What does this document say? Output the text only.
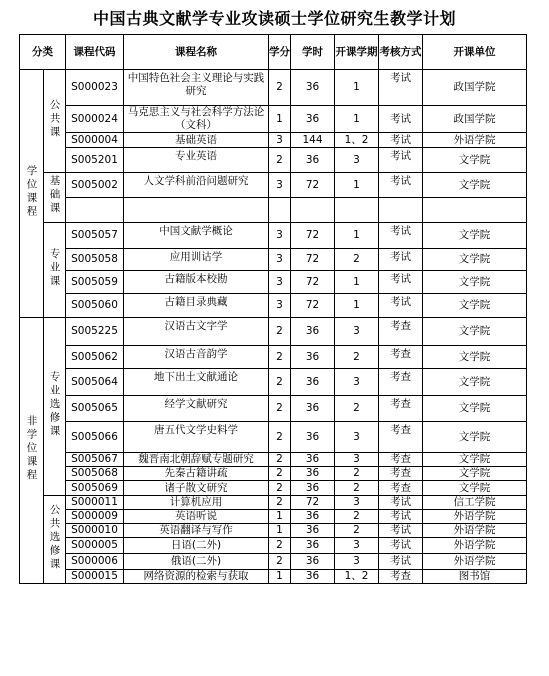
中国古典文献学专业攻读硕士学位研究生教学计划
分类		课程代码	课程名称	学分	学时	开课学期	考核方式	开课单位
学位课程	公共课	S000023	中国特色社会主义理论与实践研究	2	36	1	考试	政国学院
		S000024	马克思主义与社会科学方法论（文科）	1	36	1	考试	政国学院
		S000004	基础英语	3	144	1、2	考试	外语学院
		S005201	专业英语	2	36	3	考试	文学院
	基础课	S005002	人文学科前沿问题研究	3	72	1	考试	文学院

	专业课	S005057	中国文献学概论	3	72	1	考试	文学院
		S005058	应用训诂学	3	72	2	考试	文学院
		S005059	古籍版本校勘	3	72	1	考试	文学院
		S005060	古籍目录典藏	3	72	1	考试	文学院
非学位课程	专业选修课	S005225	汉语古文字学	2	36	3	考查	文学院
		S005062	汉语古音韵学	2	36	2	考查	文学院
		S005064	地下出土文献通论	2	36	3	考查	文学院
		S005065	经学文献研究	2	36	2	考查	文学院
		S005066	唐五代文学史料学	2	36	3	考查	文学院
		S005067	魏晋南北朝辞赋专题研究	2	36	3	考查	文学院
		S005068	先秦古籍讲疏	2	36	2	考查	文学院
		S005069	诸子散文研究	2	36	2	考查	文学院
	公共选修课	S000011	计算机应用	2	72	3	考试	信工学院
		S000009	英语听说	1	36	2	考试	外语学院
		S000010	英语翻译与写作	1	36	2	考试	外语学院
		S000005	日语(二外)	2	36	3	考试	外语学院
		S000006	俄语(二外)	2	36	3	考试	外语学院
		S000015	网络资源的检索与获取	1	36	1、2	考查	图书馆
